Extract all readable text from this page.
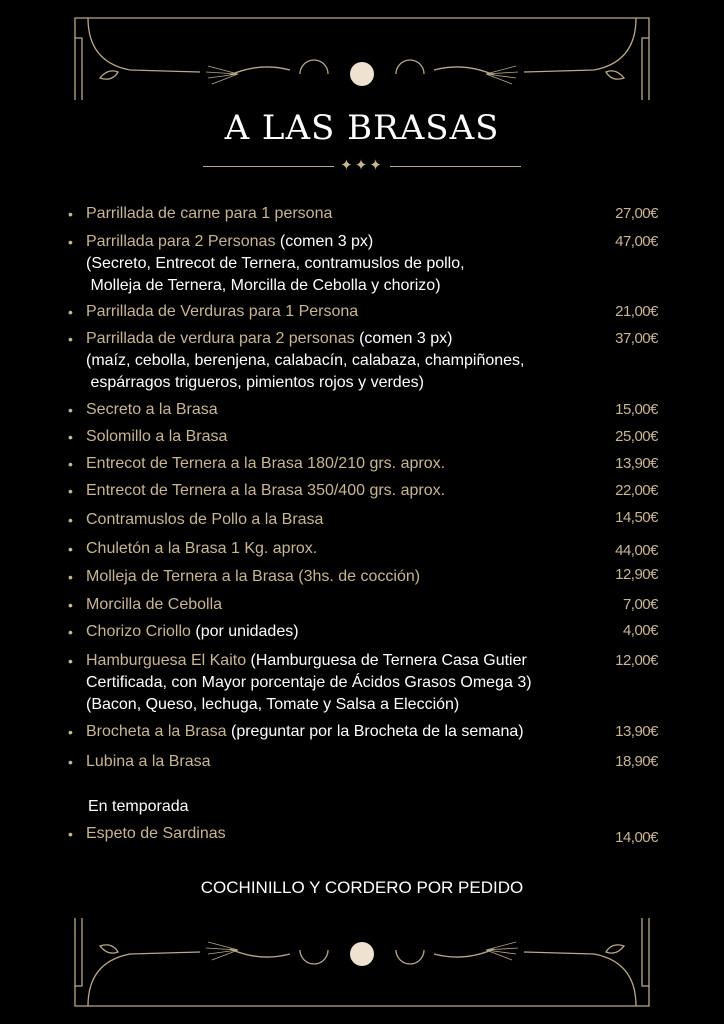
A LAS BRASAS
✦✦✦
• Parrillada de carne para 1 persona	27,00€
• Parrillada para 2 Personas (comen 3 px)
(Secreto, Entrecot de Ternera, contramuslos de pollo,
Molleja de Ternera, Morcilla de Cebolla y chorizo)
47,00€
• Parrillada de Verduras para 1 Persona	21,00€
• Parrillada de verdura para 2 personas (comen 3 px)
(maíz, cebolla, berenjena, calabacín, calabaza, champiñones,
espárragos trigueros, pimientos rojos y verdes)
37,00€
• Secreto a la Brasa	15,00€
• Solomillo a la Brasa	25,00€
• Entrecot de Ternera a la Brasa 180/210 grs. aprox.	13,90€
• Entrecot de Ternera a la Brasa 350/400 grs. aprox.	22,00€
• Contramuslos de Pollo a la Brasa	14,50€
• Chuletón a la Brasa 1 Kg. aprox.	44,00€
• Molleja de Ternera a la Brasa (3hs. de cocción)	12,90€
• Morcilla de Cebolla	7,00€
• Chorizo Criollo (por unidades)	4,00€
• Hamburguesa El Kaito (Hamburguesa de Ternera Casa Gutier
Certificada, con Mayor porcentaje de Ácidos Grasos Omega 3)
(Bacon, Queso, lechuga, Tomate y Salsa a Elección)
12,00€
• Brocheta a la Brasa (preguntar por la Brocheta de la semana)	13,90€
• Lubina a la Brasa	18,90€
En temporada
• Espeto de Sardinas	14,00€
COCHINILLO Y CORDERO POR PEDIDO
